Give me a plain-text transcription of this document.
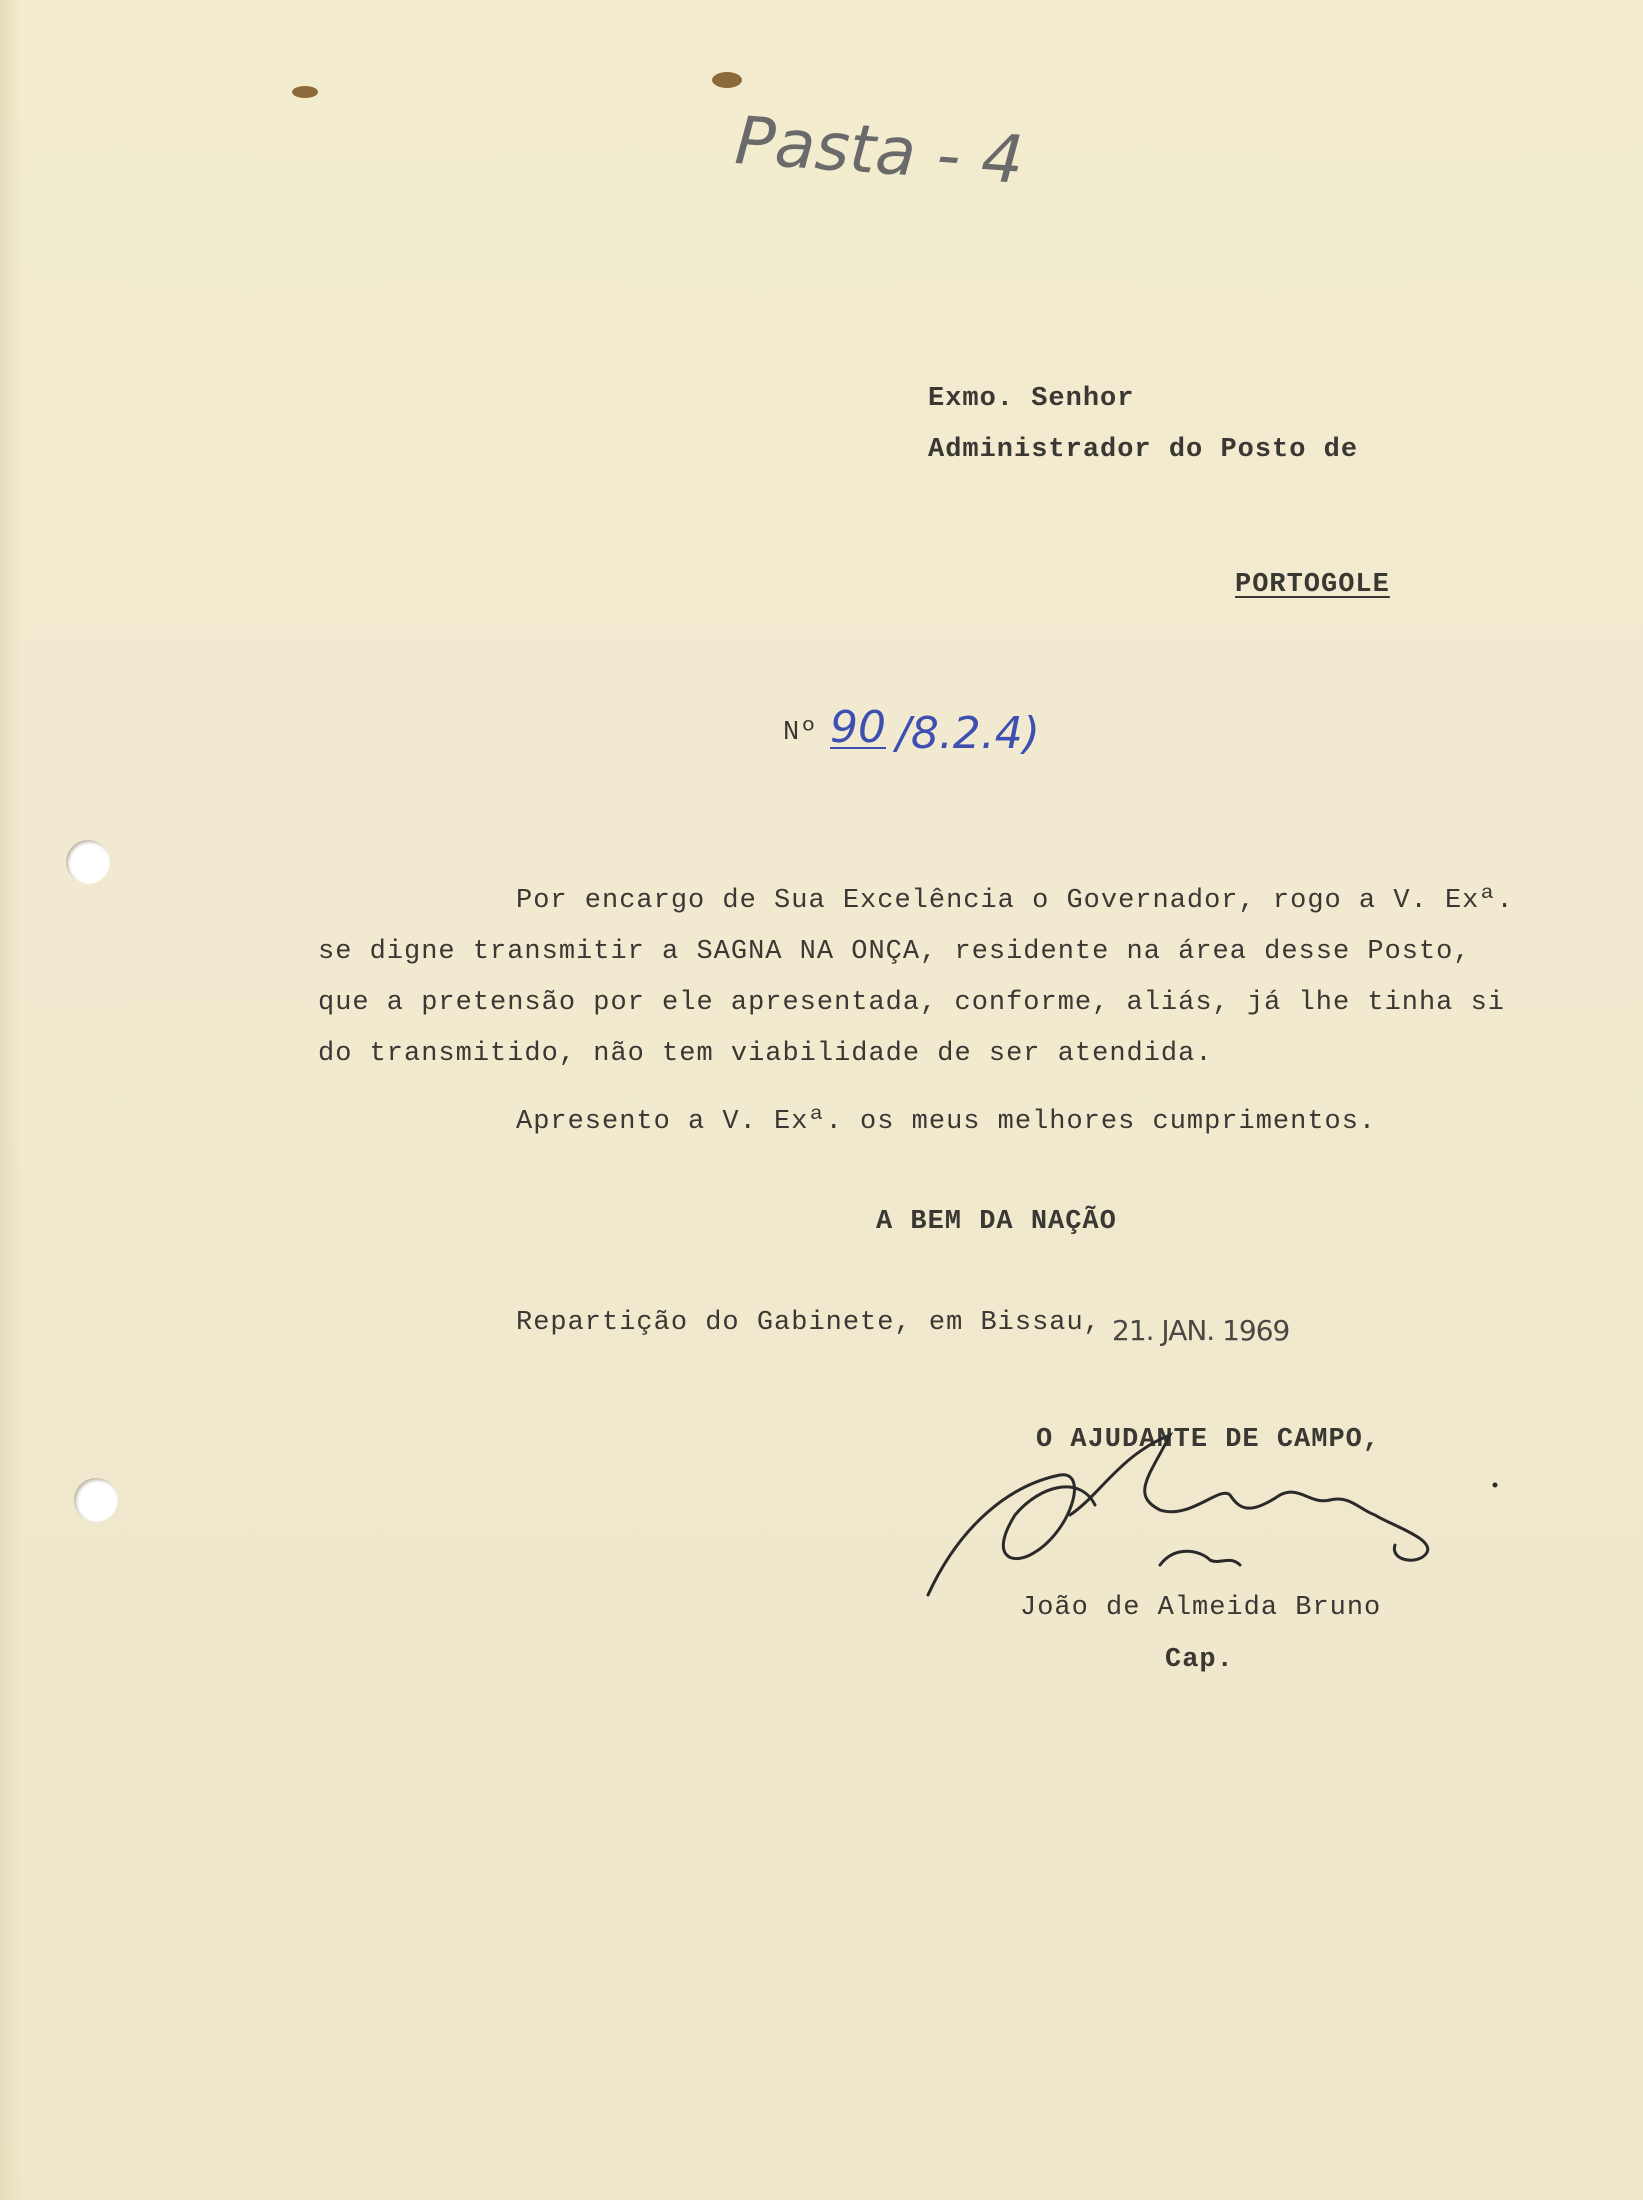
Pasta - 4
Exmo. Senhor
Administrador do Posto de
PORTOGOLE
Nº 90 /8.2.4)
Por encargo de Sua Excelência o Governador, rogo a V. Exª.
se digne transmitir a SAGNA NA ONÇA, residente na área desse Posto,
que a pretensão por ele apresentada, conforme, aliás, já lhe tinha si
do transmitido, não tem viabilidade de ser atendida.
Apresento a V. Exª. os meus melhores cumprimentos.
A BEM DA NAÇÃO
Repartição do Gabinete, em Bissau, 21. JAN. 1969
O AJUDANTE DE CAMPO,
João de Almeida Bruno
Cap.
